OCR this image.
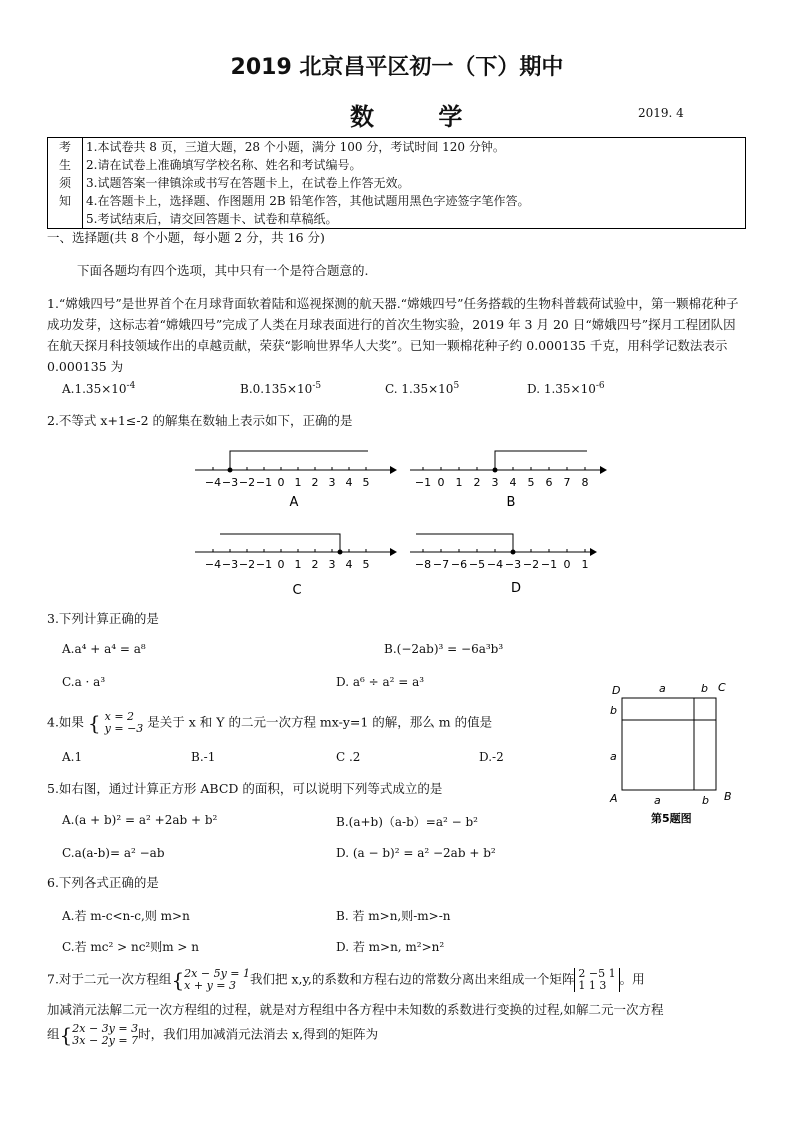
2019 北京昌平区初一（下）期中
数 学	2019. 4
考
生
须
知

1.本试卷共 8 页，三道大题，28 个小题，满分 100 分，考试时间 120 分钟。
2.请在试卷上准确填写学校名称、姓名和考试编号。
3.试题答案一律镇涂或书写在答题卡上，在试卷上作答无效。
4.在答题卡上，选择题、作图题用 2B 铅笔作答，其他试题用黑色字迹签字笔作答。
5.考试结束后，请交回答题卡、试卷和草稿纸。
一、选择题(共 8 个小题，每小题 2 分，共 16 分)
下面各题均有四个选项，其中只有一个是符合题意的.
1.“嫦娥四号”是世界首个在月球背面软着陆和巡视探测的航天器.“嫦娥四号”任务搭载的生物科普载荷试验中，第一颗棉花种子成功发芽，这标志着“嫦娥四号”完成了人类在月球表面进行的首次生物实验，2019 年 3 月 20 日“嫦娥四号”探月工程团队因在航天探月科技领域作出的卓越贡献，荣获“影响世界华人大奖”。已知一颗棉花种子约 0.000135 千克，用科学记数法表示 0.000135 为
$A.1.35\times 10^{-4}$	$B.0.135\times 10^{-5}$	C. $1.35\times 10^5$	D. $1.35\times 10^{-6}$
2.不等式 x+1≤-2 的解集在数轴上表示如下，正确的是
−4 −3 −2 −1 0 1 2 3 4 5
A
−1 0 1 2 3 4 5 6 7 8
B
−4 −3 −2 −1 0 1 2 3 4 5
C
−8 −7 −6 −5 −4 −3 −2 −1 0 1
D
3.下列计算正确的是
A.a⁴ + a⁴ = a⁸	B.(−2ab)³ = −6a³b³
C.a · a³	D. a⁶ ÷ a² = a³
4.如果 { x = 2
y = −3 是关于 x 和 Y 的二元一次方程 mx-y=1 的解，那么 m 的值是
A.1	B.-1	C .2	D.-2
5.如右图，通过计算正方形 ABCD 的面积，可以说明下列等式成立的是
A.(a + b)² = a² +2ab + b²	B.(a+b)（a-b）=a² − b²
C.a(a-b)= a² −ab	D. (a − b)² = a² −2ab + b²
D	C
A	B
a	b
b
a
a	b
第5题图
6.下列各式正确的是
A.若 m-c<n-c,则 m>n	B. 若 m>n,则-m>-n
C.若 mc² > nc²则m > n	D. 若 m>n, m²>n²
7.对于二元一次方程组{ 2x − 5y = 1
x + y = 3	我们把 x,y,的系数和方程右边的常数分离出来组成一个矩阵 2 −5 1
1 1 3	。用
加减消元法解二元一次方程组的过程，就是对方程组中各方程中未知数的系数进行变换的过程,如解二元一次方程
组{ 2x − 3y = 3
3x − 2y = 7 时，我们用加减消元法消去 x,得到的矩阵为
